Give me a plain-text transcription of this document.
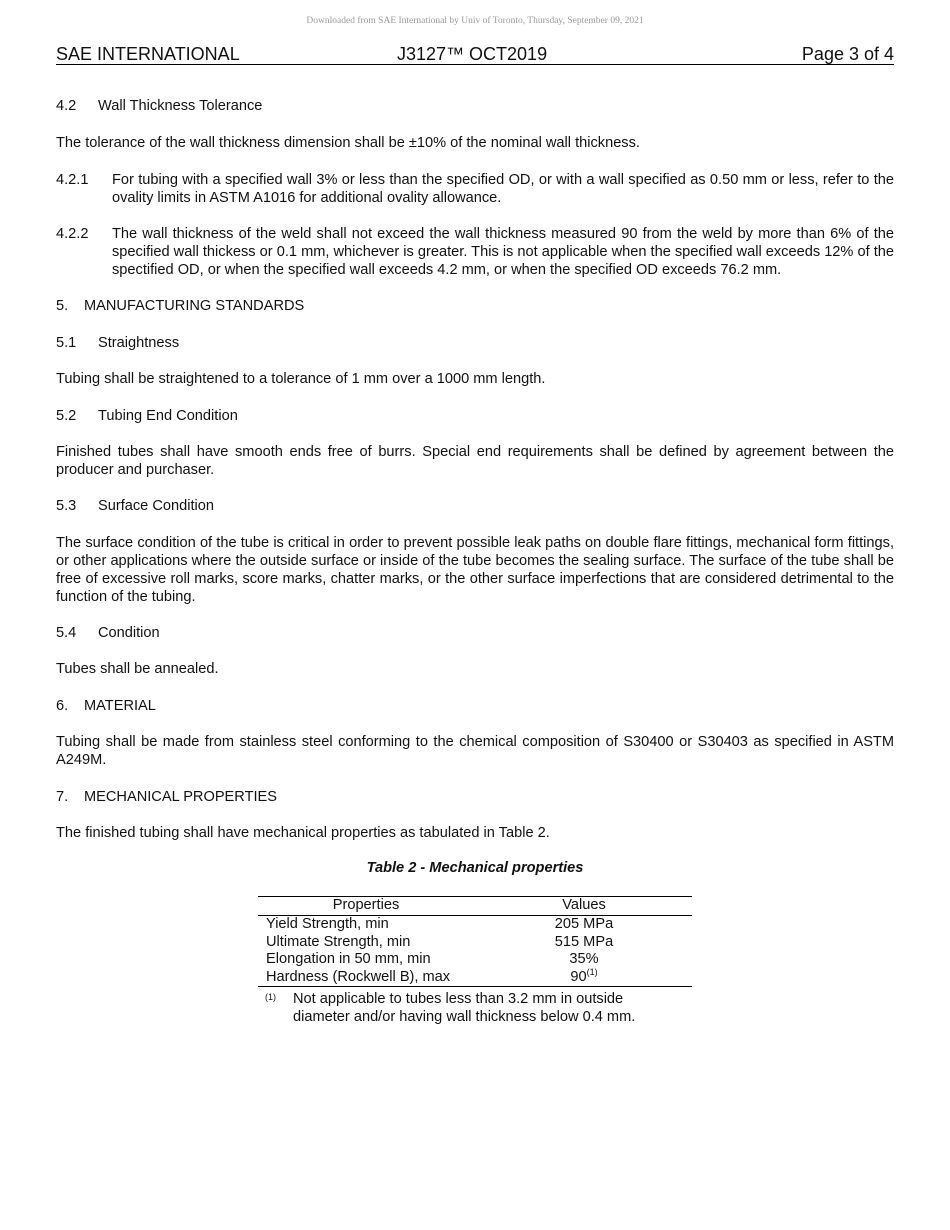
Downloaded from SAE International by Univ of Toronto, Thursday, September 09, 2021
SAE INTERNATIONAL	J3127™ OCT2019	Page 3 of 4
4.2 Wall Thickness Tolerance
The tolerance of the wall thickness dimension shall be ±10% of the nominal wall thickness.
4.2.1 For tubing with a specified wall 3% or less than the specified OD, or with a wall specified as 0.50 mm or less, refer to the ovality limits in ASTM A1016 for additional ovality allowance.
4.2.2 The wall thickness of the weld shall not exceed the wall thickness measured 90 from the weld by more than 6% of the specified wall thickess or 0.1 mm, whichever is greater. This is not applicable when the specified wall exceeds 12% of the spectified OD, or when the specified wall exceeds 4.2 mm, or when the specified OD exceeds 76.2 mm.
5. MANUFACTURING STANDARDS
5.1 Straightness
Tubing shall be straightened to a tolerance of 1 mm over a 1000 mm length.
5.2 Tubing End Condition
Finished tubes shall have smooth ends free of burrs. Special end requirements shall be defined by agreement between the producer and purchaser.
5.3 Surface Condition
The surface condition of the tube is critical in order to prevent possible leak paths on double flare fittings, mechanical form fittings, or other applications where the outside surface or inside of the tube becomes the sealing surface. The surface of the tube shall be free of excessive roll marks, score marks, chatter marks, or the other surface imperfections that are considered detrimental to the function of the tubing.
5.4 Condition
Tubes shall be annealed.
6. MATERIAL
Tubing shall be made from stainless steel conforming to the chemical composition of S30400 or S30403 as specified in ASTM A249M.
7. MECHANICAL PROPERTIES
The finished tubing shall have mechanical properties as tabulated in Table 2.
Table 2 - Mechanical properties
Properties	Values
Yield Strength, min	205 MPa
Ultimate Strength, min	515 MPa
Elongation in 50 mm, min	35%
Hardness (Rockwell B), max	90$^{(1)}$
(1) Not applicable to tubes less than 3.2 mm in outside
diameter and/or having wall thickness below 0.4 mm.
